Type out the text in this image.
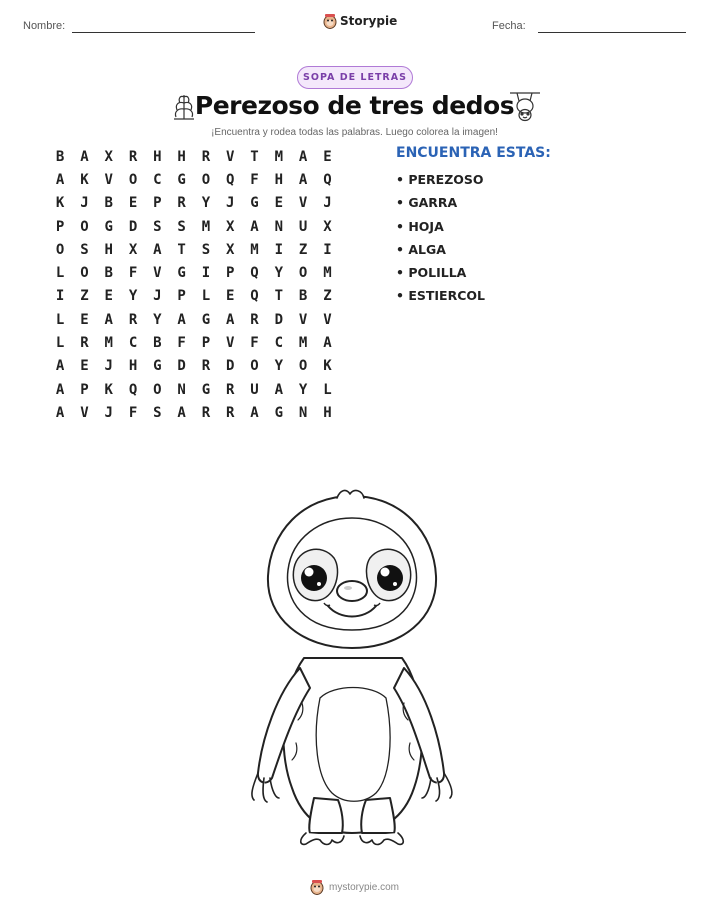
Nombre:	Storypie	Fecha:
SOPA DE LETRAS
Perezoso de tres dedos
¡Encuentra y rodea todas las palabras. Luego colorea la imagen!
B	A	X	R	H	H	R	V	T	M	A	E
A	K	V	O	C	G	O	Q	F	H	A	Q
K	J	B	E	P	R	Y	J	G	E	V	J
P	O	G	D	S	S	M	X	A	N	U	X
O	S	H	X	A	T	S	X	M	I	Z	I
L	O	B	F	V	G	I	P	Q	Y	O	M
I	Z	E	Y	J	P	L	E	Q	T	B	Z
L	E	A	R	Y	A	G	A	R	D	V	V
L	R	M	C	B	F	P	V	F	C	M	A
A	E	J	H	G	D	R	D	O	Y	O	K
A	P	K	Q	O	N	G	R	U	A	Y	L
A	V	J	F	S	A	R	R	A	G	N	H
ENCUENTRA ESTAS:
• PEREZOSO
• GARRA
• HOJA
• ALGA
• POLILLA
• ESTIERCOL
mystorypie.com
